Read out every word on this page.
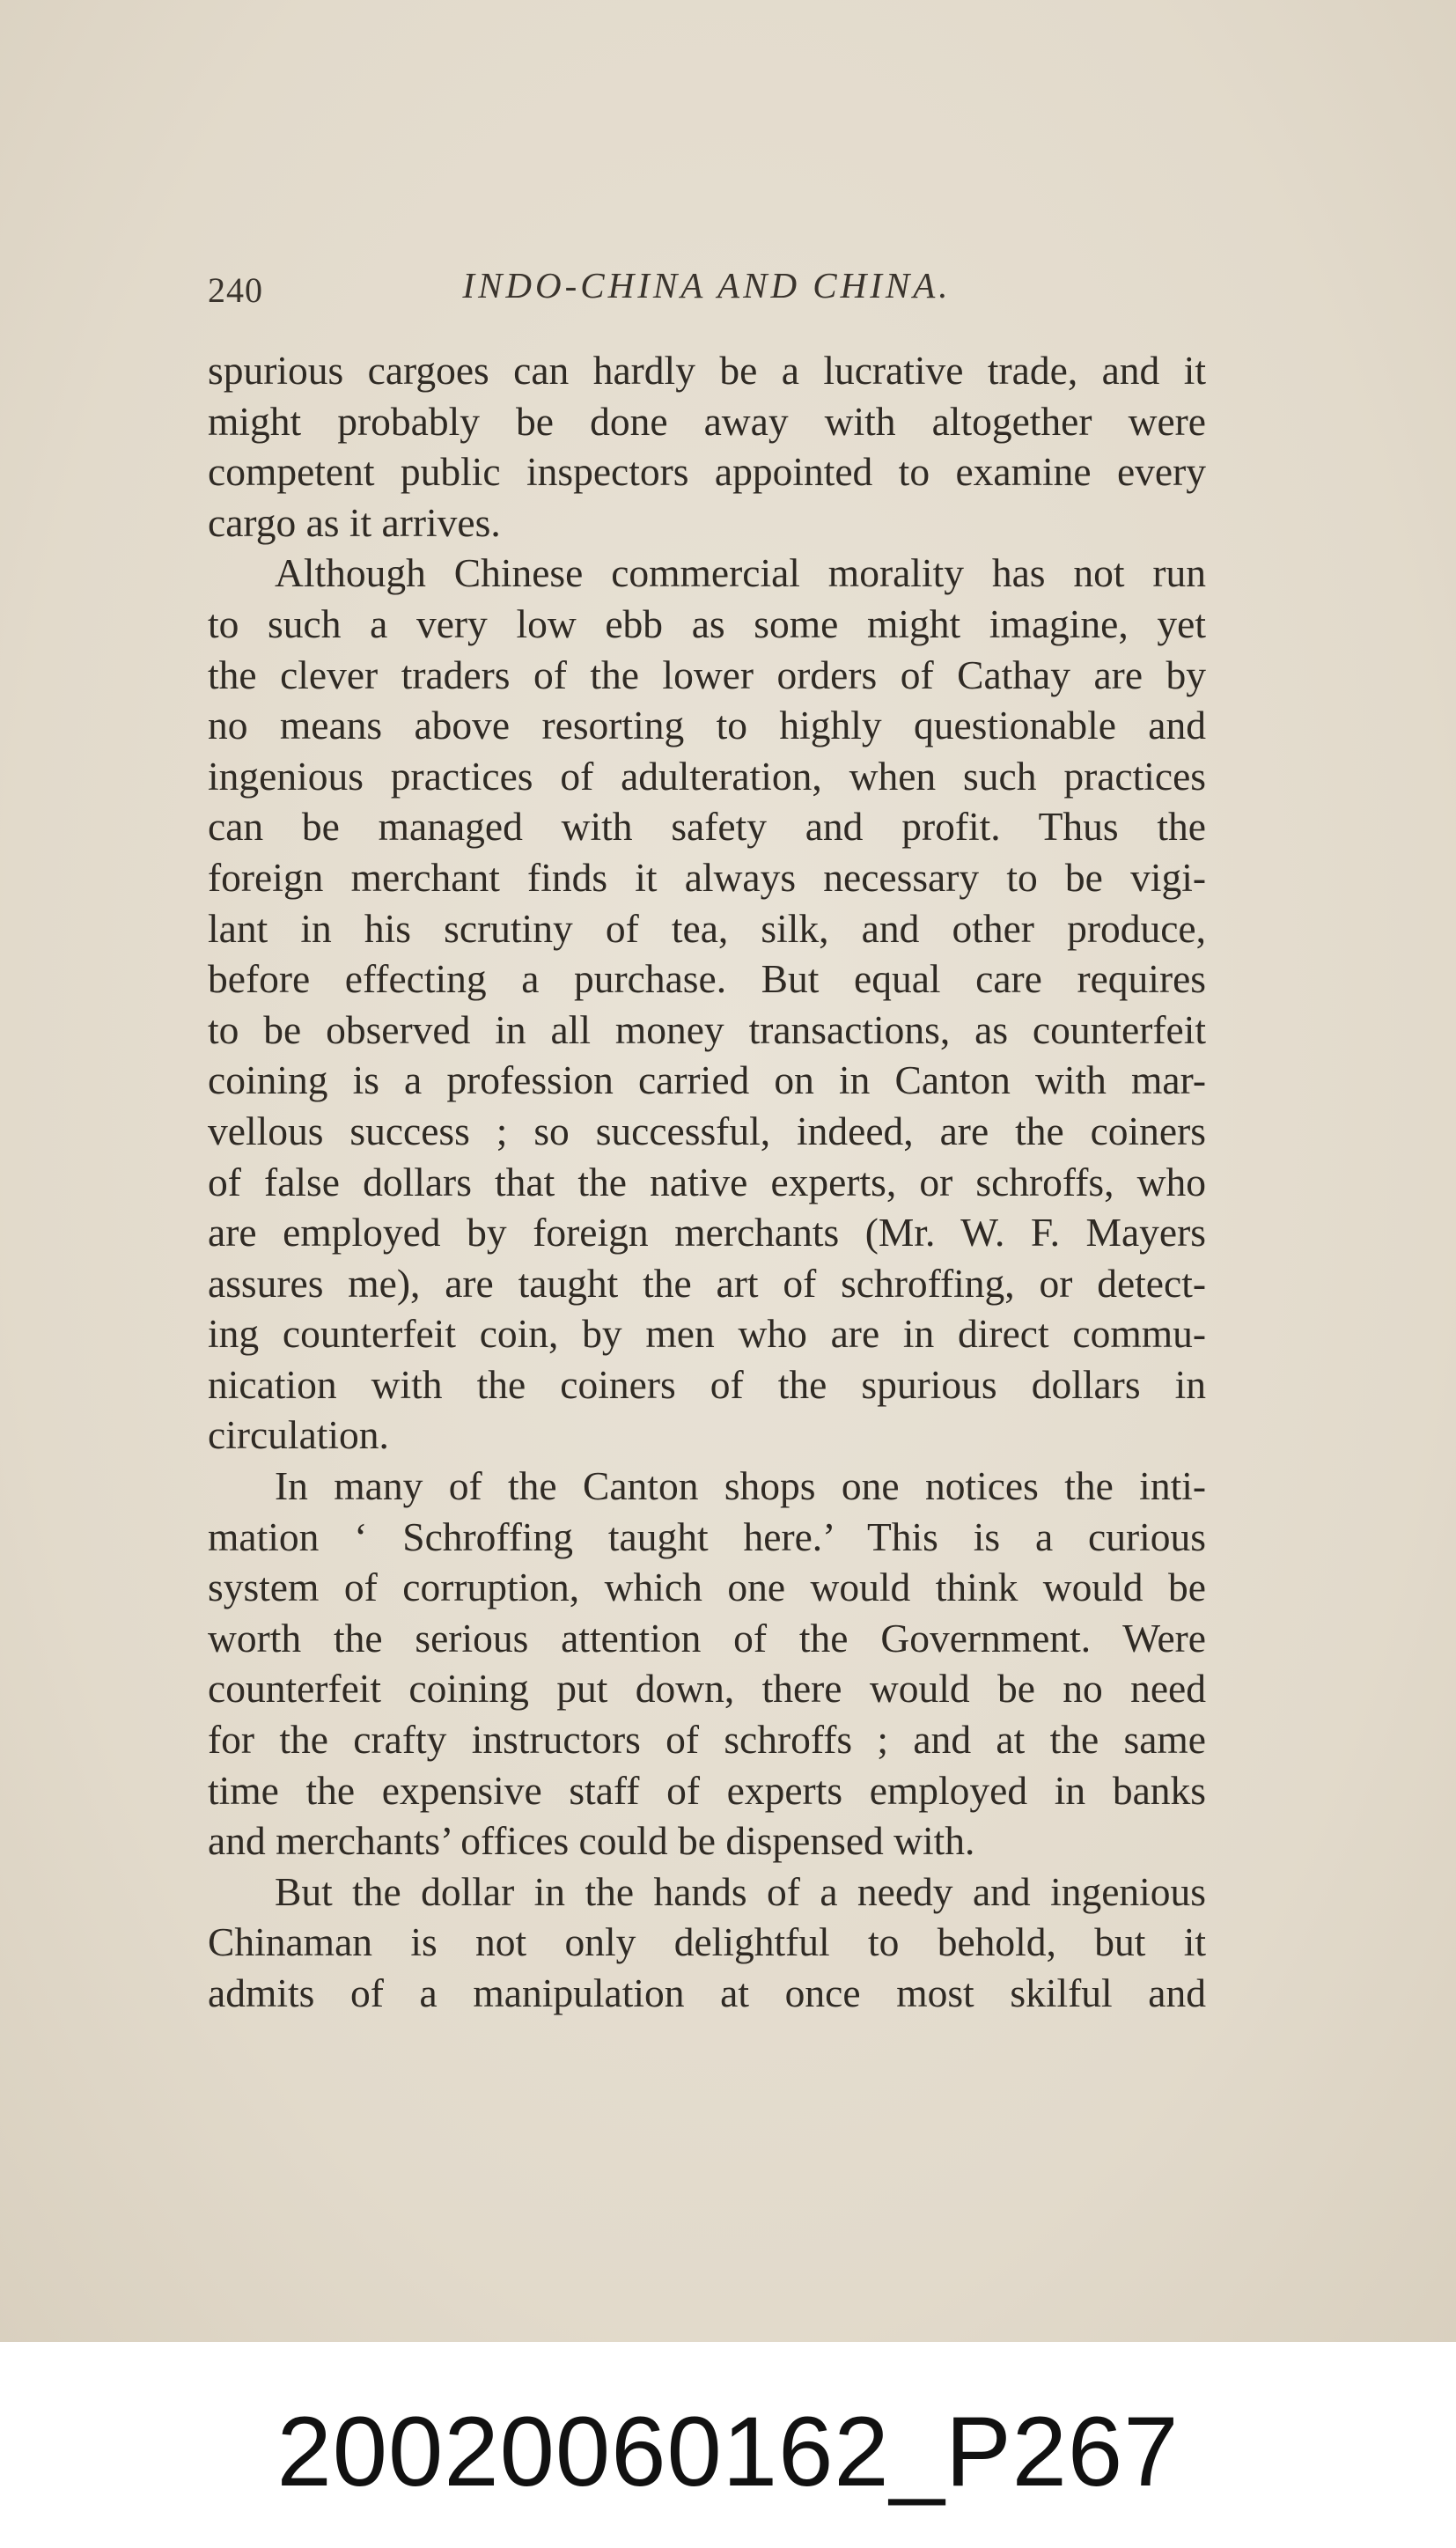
240	INDO-CHINA AND CHINA.
spurious cargoes can hardly be a lucrative trade, and it
might probably be done away with altogether were
competent public inspectors appointed to examine every
cargo as it arrives.
Although Chinese commercial morality has not run
to such a very low ebb as some might imagine, yet
the clever traders of the lower orders of Cathay are by
no means above resorting to highly questionable and
ingenious practices of adulteration, when such practices
can be managed with safety and profit. Thus the
foreign merchant finds it always necessary to be vigi-
lant in his scrutiny of tea, silk, and other produce,
before effecting a purchase. But equal care requires
to be observed in all money transactions, as counterfeit
coining is a profession carried on in Canton with mar-
vellous success ; so successful, indeed, are the coiners
of false dollars that the native experts, or schroffs, who
are employed by foreign merchants (Mr. W. F. Mayers
assures me), are taught the art of schroffing, or detect-
ing counterfeit coin, by men who are in direct commu-
nication with the coiners of the spurious dollars in
circulation.
In many of the Canton shops one notices the inti-
mation ‘ Schroffing taught here.’ This is a curious
system of corruption, which one would think would be
worth the serious attention of the Government. Were
counterfeit coining put down, there would be no need
for the crafty instructors of schroffs ; and at the same
time the expensive staff of experts employed in banks
and merchants’ offices could be dispensed with.
But the dollar in the hands of a needy and ingenious
Chinaman is not only delightful to behold, but it
admits of a manipulation at once most skilful and
20020060162_P267
